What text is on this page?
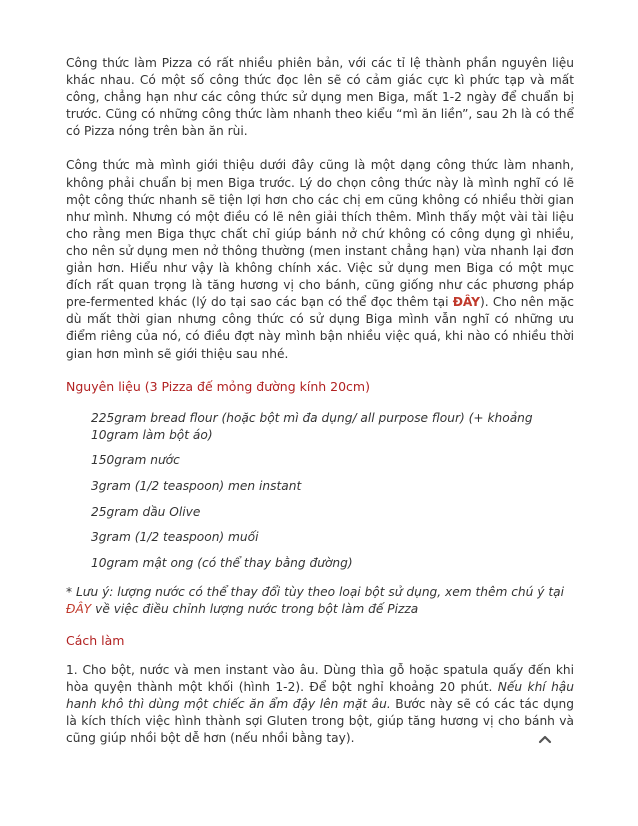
Công thức làm Pizza có rất nhiều phiên bản, với các tỉ lệ thành phần nguyên liệu khác nhau. Có một số công thức đọc lên sẽ có cảm giác cực kì phức tạp và mất công, chẳng hạn như các công thức sử dụng men Biga, mất 1-2 ngày để chuẩn bị trước. Cũng có những công thức làm nhanh theo kiểu “mì ăn liền”, sau 2h là có thể có Pizza nóng trên bàn ăn rùi.

Công thức mà mình giới thiệu dưới đây cũng là một dạng công thức làm nhanh, không phải chuẩn bị men Biga trước. Lý do chọn công thức này là mình nghĩ có lẽ một công thức nhanh sẽ tiện lợi hơn cho các chị em cũng không có nhiều thời gian như mình. Nhưng có một điều có lẽ nên giải thích thêm. Mình thấy một vài tài liệu cho rằng men Biga thực chất chỉ giúp bánh nở chứ không có công dụng gì nhiều, cho nên sử dụng men nở thông thường (men instant chẳng hạn) vừa nhanh lại đơn giản hơn. Hiểu như vậy là không chính xác. Việc sử dụng men Biga có một mục đích rất quan trọng là tăng hương vị cho bánh, cũng giống như các phương pháp pre-fermented khác (lý do tại sao các bạn có thể đọc thêm tại ĐÂY). Cho nên mặc dù mất thời gian nhưng công thức có sử dụng Biga mình vẫn nghĩ có những ưu điểm riêng của nó, có điều đợt này mình bận nhiều việc quá, khi nào có nhiều thời gian hơn mình sẽ giới thiệu sau nhé.

Nguyên liệu (3 Pizza đế mỏng đường kính 20cm)
225gram bread flour (hoặc bột mì đa dụng/ all purpose flour) (+ khoảng 10gram làm bột áo)
150gram nước
3gram (1/2 teaspoon) men instant
25gram dầu Olive
3gram (1/2 teaspoon) muối
10gram mật ong (có thể thay bằng đường)
* Lưu ý: lượng nước có thể thay đổi tùy theo loại bột sử dụng, xem thêm chú ý tại ĐÂY về việc điều chỉnh lượng nước trong bột làm đế Pizza
Cách làm

1. Cho bột, nước và men instant vào âu. Dùng thìa gỗ hoặc spatula quấy đến khi hòa quyện thành một khối (hình 1-2). Để bột nghỉ khoảng 20 phút. Nếu khí hậu hanh khô thì dùng một chiếc ăn ẩm đậy lên mặt âu. Bước này sẽ có các tác dụng là kích thích việc hình thành sợi Gluten trong bột, giúp tăng hương vị cho bánh và cũng giúp nhồi bột dễ hơn (nếu nhồi bằng tay).
